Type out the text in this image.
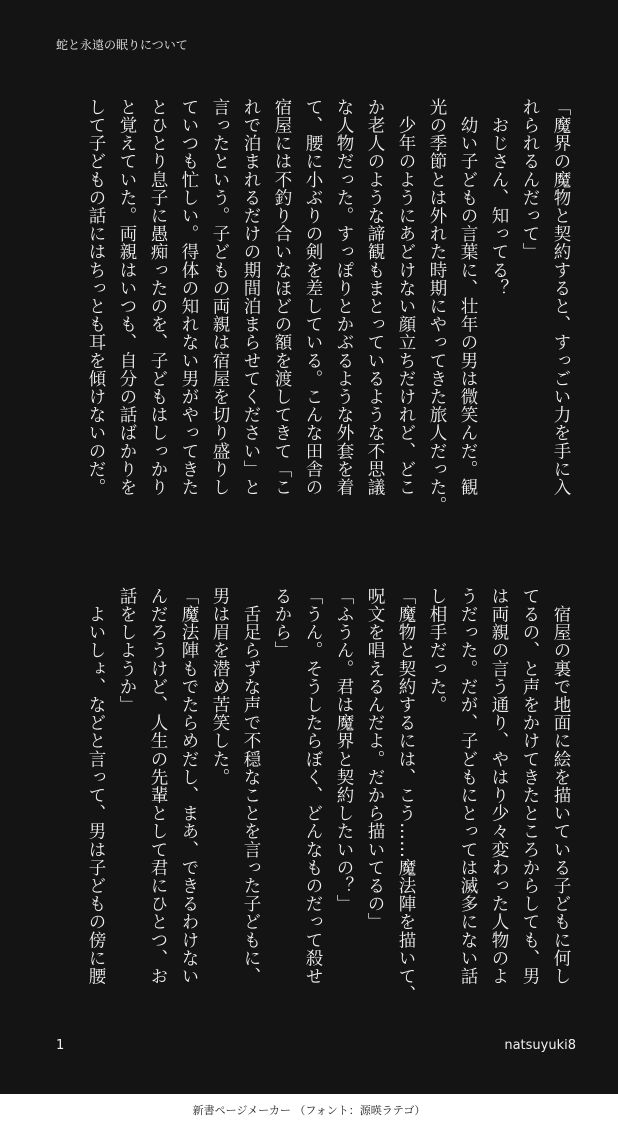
蛇と永遠の眠りについて
「魔界の魔物と契約すると、すっごい力を手に入
れられるんだって」
　おじさん、知ってる？
　幼い子どもの言葉に、壮年の男は微笑んだ。観
光の季節とは外れた時期にやってきた旅人だった。
　少年のようにあどけない顔立ちだけれど、どこ
か老人のような諦観もまとっているような不思議
な人物だった。すっぽりとかぶるような外套を着
て、腰に小ぶりの剣を差している。こんな田舎の
宿屋には不釣り合いなほどの額を渡してきて「こ
れで泊まれるだけの期間泊まらせてください」と
言ったという。子どもの両親は宿屋を切り盛りし
ていつも忙しい。得体の知れない男がやってきた
とひとり息子に愚痴ったのを、子どもはしっかり
と覚えていた。両親はいつも、自分の話ばかりを
して子どもの話にはちっとも耳を傾けないのだ。
　宿屋の裏で地面に絵を描いている子どもに何し
てるの、と声をかけてきたところからしても、男
は両親の言う通り、やはり少々変わった人物のよ
うだった。だが、子どもにとっては滅多にない話
し相手だった。
「魔物と契約するには、こう……魔法陣を描いて、
呪文を唱えるんだよ。だから描いてるの」
「ふうん。君は魔界と契約したいの？」
「うん。そうしたらぼく、どんなものだって殺せ
るから」
　舌足らずな声で不穏なことを言った子どもに、
男は眉を潜め苦笑した。
「魔法陣もでたらめだし、まあ、できるわけない
んだろうけど、人生の先輩として君にひとつ、お
話をしようか」
　よいしょ、などと言って、男は子どもの傍に腰
1	natsuyuki8
新書ページメーカー （フォント：源暎ラテゴ）
